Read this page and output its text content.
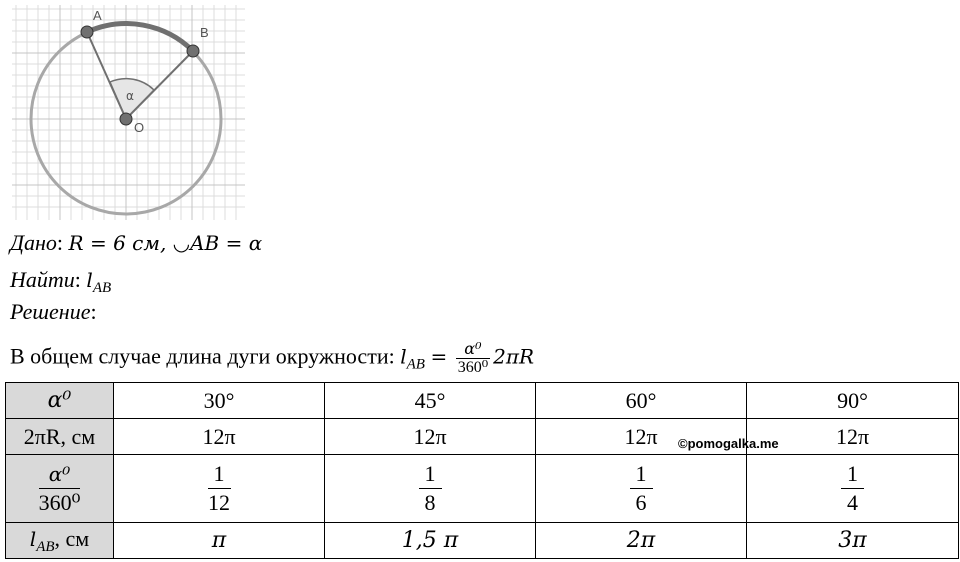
A
B
O
α
Дано: R = 6 см, ◡AB = α
Найти: $l_{AB}$
Решение:
В общем случае длина дуги окружности: $l_{AB} = \frac{\text{α⁰}}{\text{360⁰}} 2\pi R$
α⁰	30°	45°	60°	90°
2πR, см	12π	12π	12π	12π

$\frac{\text{α⁰}}{\text{360⁰}}$	$\frac{1}{12}$	$\frac{1}{8}$	$\frac{1}{6}$	$\frac{1}{4}$

$l_{AB}$, см	π	1,5 π	2π	3π
©pomogalka.me
